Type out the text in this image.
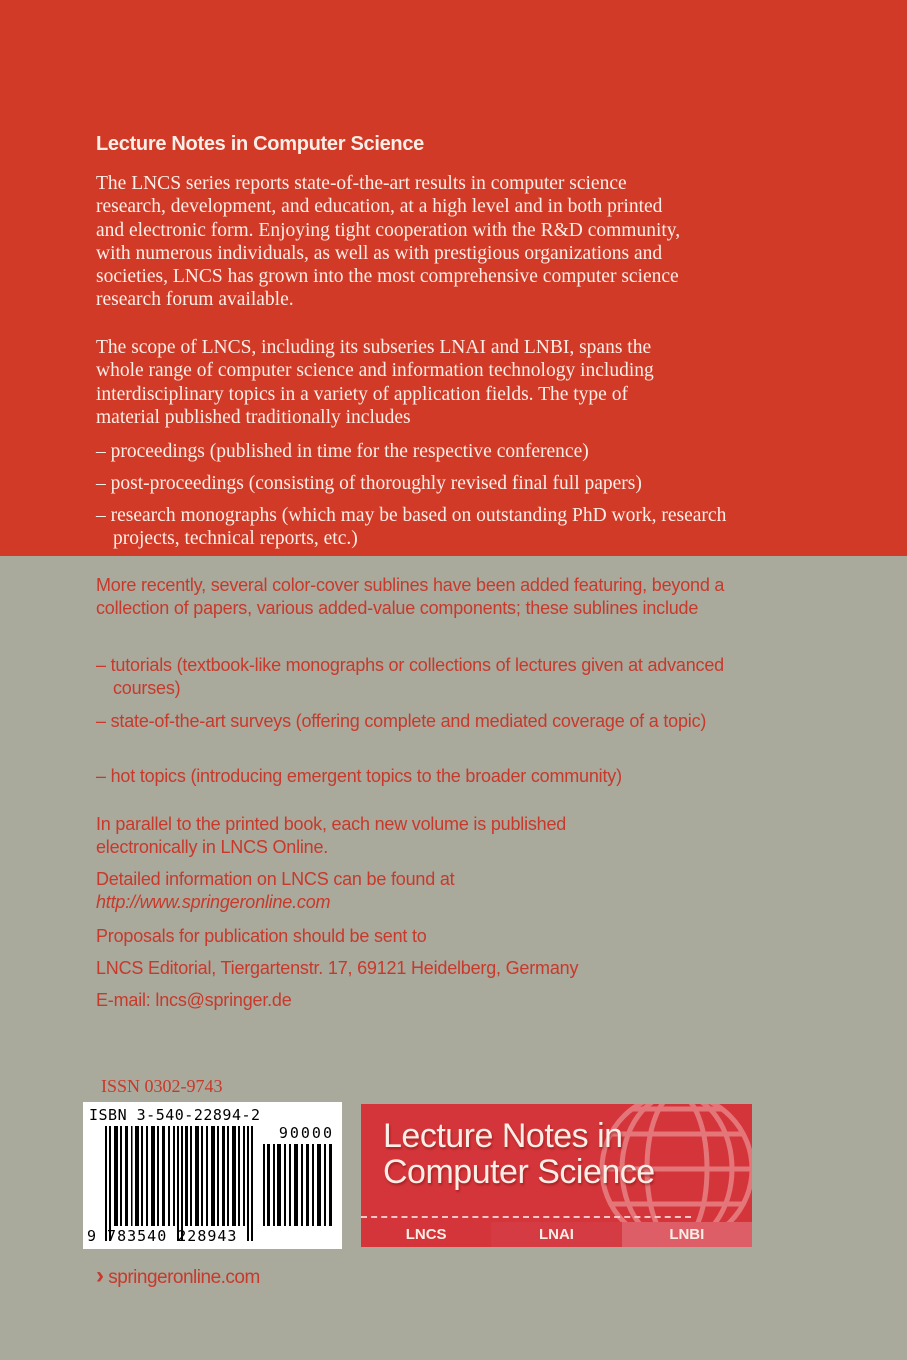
Lecture Notes in Computer Science

The LNCS series reports state-of-the-art results in computer science
research, development, and education, at a high level and in both printed
and electronic form. Enjoying tight cooperation with the R&D community,
with numerous individuals, as well as with prestigious organizations and
societies, LNCS has grown into the most comprehensive computer science
research forum available.

The scope of LNCS, including its subseries LNAI and LNBI, spans the
whole range of computer science and information technology including
interdisciplinary topics in a variety of application fields. The type of
material published traditionally includes

– proceedings (published in time for the respective conference)

– post-proceedings (consisting of thoroughly revised final full papers)

– research monographs (which may be based on outstanding PhD work, research projects, technical reports, etc.)

More recently, several color-cover sublines have been added featuring, beyond a collection of papers, various added-value components; these sublines include

– tutorials (textbook-like monographs or collections of lectures given at advanced courses)

– state-of-the-art surveys (offering complete and mediated coverage of a topic)

– hot topics (introducing emergent topics to the broader community)

In parallel to the printed book, each new volume is published electronically in LNCS Online.

Detailed information on LNCS can be found at

http://www.springeronline.com

Proposals for publication should be sent to

LNCS Editorial, Tiergartenstr. 17, 69121 Heidelberg, Germany

E-mail: lncs@springer.de

ISSN 0302-9743
ISBN 3-540-22894-2
90000
9 783540 228943
› springeronline.com
Lecture Notes in
Computer Science
LNCS	LNAI	LNBI
